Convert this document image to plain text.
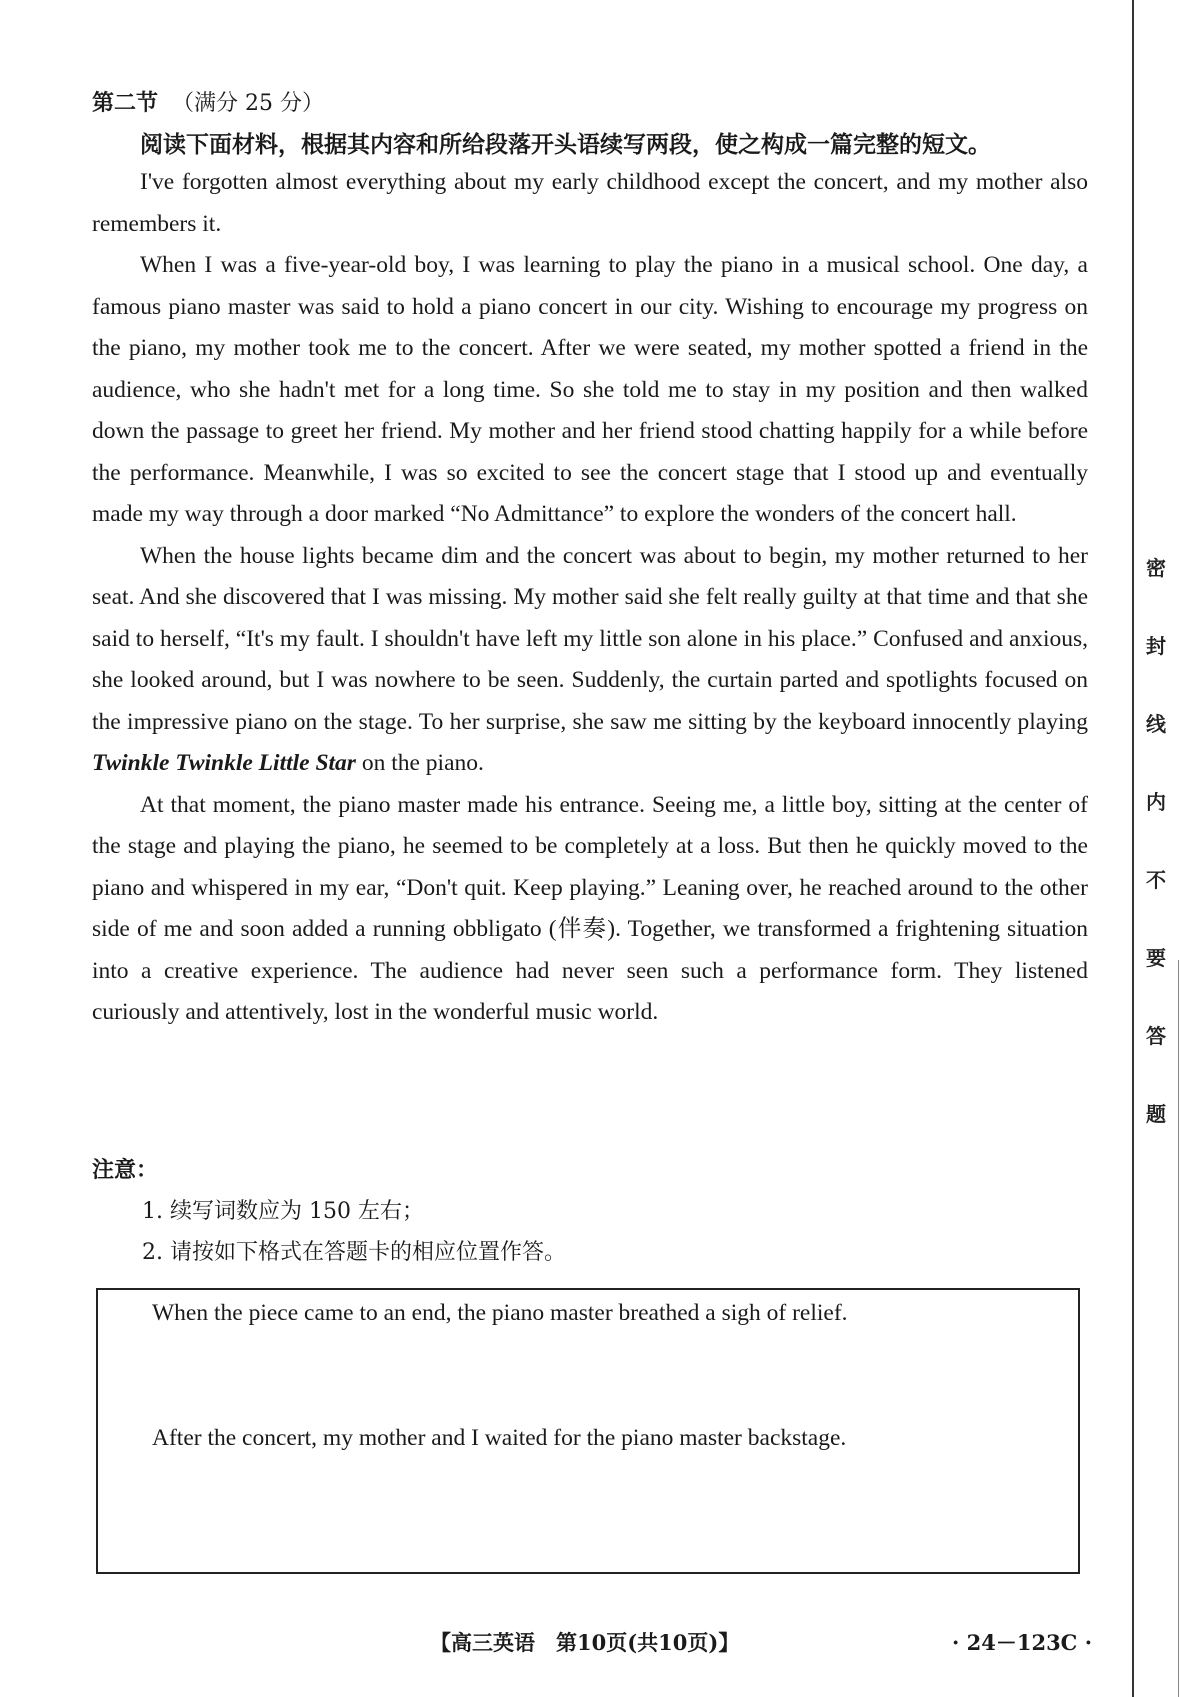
第二节 （满分 25 分）
阅读下面材料，根据其内容和所给段落开头语续写两段，使之构成一篇完整的短文。

I've forgotten almost everything about my early childhood except the concert, and my mother also remembers it.

When I was a five-year-old boy, I was learning to play the piano in a musical school. One day, a famous piano master was said to hold a piano concert in our city. Wishing to encourage my progress on the piano, my mother took me to the concert. After we were seated, my mother spotted a friend in the audience, who she hadn't met for a long time. So she told me to stay in my position and then walked down the passage to greet her friend. My mother and her friend stood chatting happily for a while before the performance. Meanwhile, I was so excited to see the concert stage that I stood up and eventually made my way through a door marked “No Admittance” to explore the wonders of the concert hall.

When the house lights became dim and the concert was about to begin, my mother returned to her seat. And she discovered that I was missing. My mother said she felt really guilty at that time and that she said to herself, “It's my fault. I shouldn't have left my little son alone in his place.” Confused and anxious, she looked around, but I was nowhere to be seen. Suddenly, the curtain parted and spotlights focused on the impressive piano on the stage. To her surprise, she saw me sitting by the keyboard innocently playing Twinkle Twinkle Little Star on the piano.

At that moment, the piano master made his entrance. Seeing me, a little boy, sitting at the center of the stage and playing the piano, he seemed to be completely at a loss. But then he quickly moved to the piano and whispered in my ear, “Don't quit. Keep playing.” Leaning over, he reached around to the other side of me and soon added a running obbligato (伴奏). Together, we transformed a frightening situation into a creative experience. The audience had never seen such a performance form. They listened curiously and attentively, lost in the wonderful music world.

注意：
1. 续写词数应为 150 左右；
2. 请按如下格式在答题卡的相应位置作答。
When the piece came to an end, the piano master breathed a sigh of relief.
After the concert, my mother and I waited for the piano master backstage.
【高三英语　第10页(共10页)】	· 24－123C ·
密
封
线
内
不
要
答
题
